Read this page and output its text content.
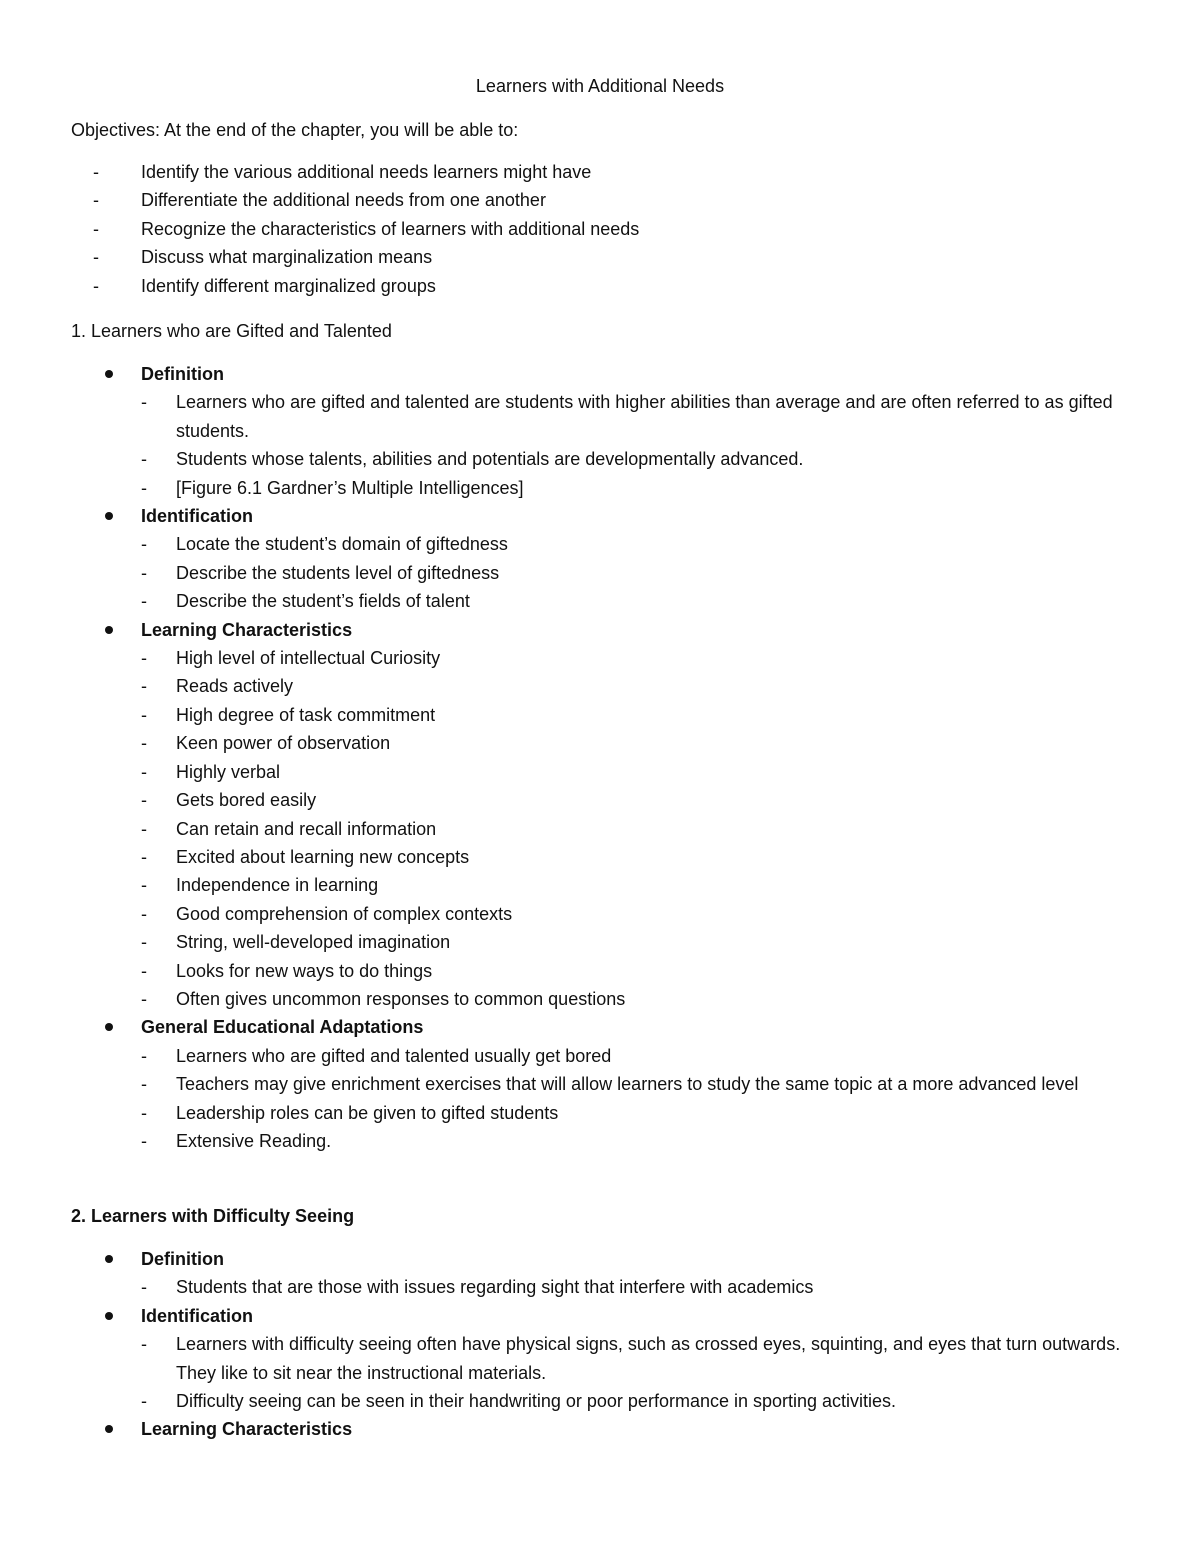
Learners with Additional Needs

Objectives: At the end of the chapter, you will be able to:

- Identify the various additional needs learners might have
- Differentiate the additional needs from one another
- Recognize the characteristics of learners with additional needs
- Discuss what marginalization means
- Identify different marginalized groups
1. Learners who are Gifted and Talented
Definition
- Learners who are gifted and talented are students with higher abilities than average and are often referred to as gifted students.
- Students whose talents, abilities and potentials are developmentally advanced.
- [Figure 6.1 Gardner’s Multiple Intelligences]
Identification
- Locate the student’s domain of giftedness
- Describe the students level of giftedness
- Describe the student’s fields of talent
Learning Characteristics
- High level of intellectual Curiosity
- Reads actively
- High degree of task commitment
- Keen power of observation
- Highly verbal
- Gets bored easily
- Can retain and recall information
- Excited about learning new concepts
- Independence in learning
- Good comprehension of complex contexts
- String, well-developed imagination
- Looks for new ways to do things
- Often gives uncommon responses to common questions
General Educational Adaptations
- Learners who are gifted and talented usually get bored
- Teachers may give enrichment exercises that will allow learners to study the same topic at a more advanced level
- Leadership roles can be given to gifted students
- Extensive Reading.
2. Learners with Difficulty Seeing
Definition
- Students that are those with issues regarding sight that interfere with academics
Identification
- Learners with difficulty seeing often have physical signs, such as crossed eyes, squinting, and eyes that turn outwards. They like to sit near the instructional materials.
- Difficulty seeing can be seen in their handwriting or poor performance in sporting activities.
Learning Characteristics
